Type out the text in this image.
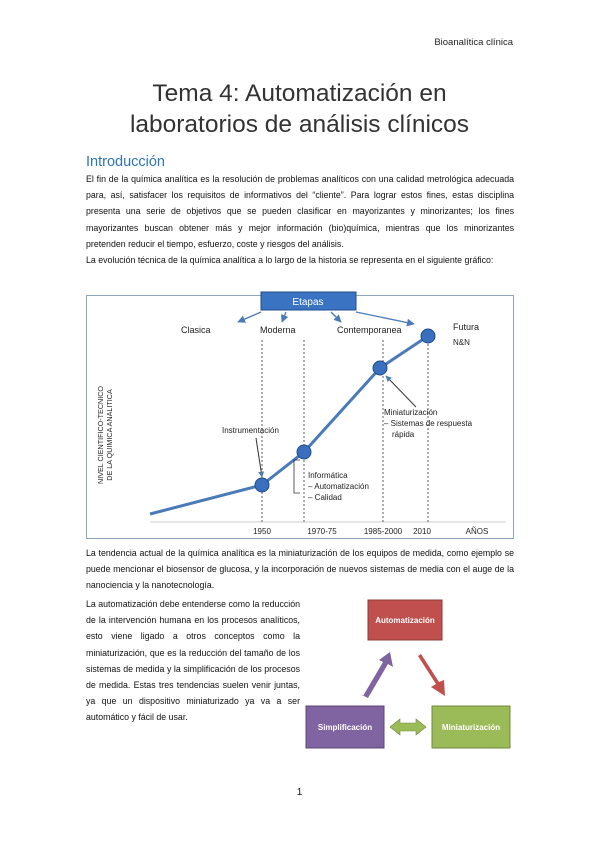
Bioanalítica clínica
Tema 4: Automatización en
laboratorios de análisis clínicos
Introducción
El fin de la química analítica es la resolución de problemas analíticos con una calidad metrológica adecuada para, así, satisfacer los requisitos de informativos del “cliente”. Para lograr estos fines, estas disciplina presenta una serie de objetivos que se pueden clasificar en mayorizantes y minorizantes; los fines mayorizantes buscan obtener más y mejor información (bio)química, mientras que los minorizantes pretenden reducir el tiempo, esfuerzo, coste y riesgos del análisis.
La evolución técnica de la química analítica a lo largo de la historia se representa en el siguiente gráfico:
Etapas
Clasica	Moderna	Contemporanea	Futura
N&N
NIVEL CIENTIFICO-TECNICO DE LA QUIMICA ANALITICA	Instrumentación
Informática
– Automatización
– Calidad
Miniaturización
– Sistemas de respuesta
rápida
1950	1970-75	1985-2000 2010	AÑOS
La tendencia actual de la química analítica es la miniaturización de los equipos de medida, como ejemplo se puede mencionar el biosensor de glucosa, y la incorporación de nuevos sistemas de media con el auge de la nanociencia y la nanotecnología.
La automatización debe entenderse como la reducción de la intervención humana en los procesos analíticos, esto viene ligado a otros conceptos como la miniaturización, que es la reducción del tamaño de los sistemas de medida y la simplificación de los procesos de medida. Estas tres tendencias suelen venir juntas, ya que un dispositivo miniaturizado ya va a ser automático y fácil de usar.
Automatización
Simplificación	Miniaturización
1
